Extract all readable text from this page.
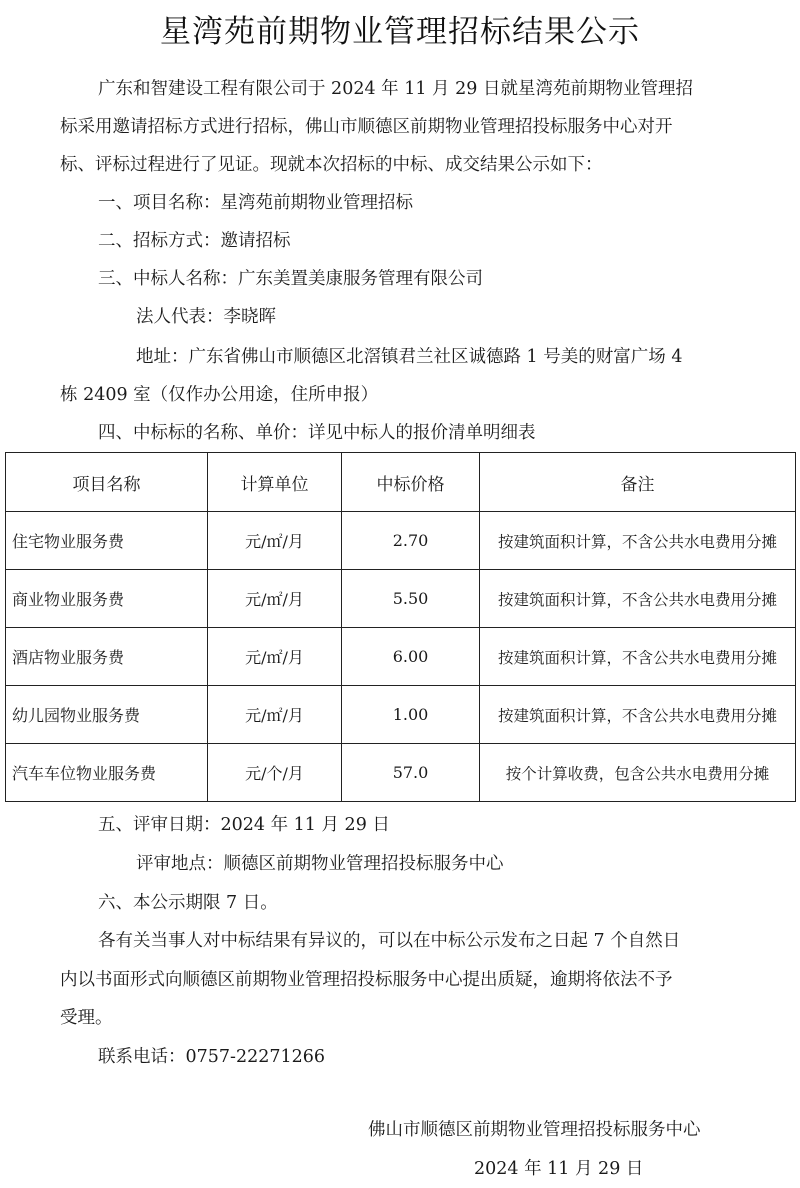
星湾苑前期物业管理招标结果公示
广东和智建设工程有限公司于 2024 年 11 月 29 日就星湾苑前期物业管理招
标采用邀请招标方式进行招标，佛山市顺德区前期物业管理招投标服务中心对开
标、评标过程进行了见证。现就本次招标的中标、成交结果公示如下：
一、项目名称：星湾苑前期物业管理招标
二、招标方式：邀请招标
三、中标人名称：广东美置美康服务管理有限公司
法人代表：李晓晖
地址：广东省佛山市顺德区北滘镇君兰社区诚德路 1 号美的财富广场 4
栋 2409 室（仅作办公用途，住所申报）
四、中标标的名称、单价：详见中标人的报价清单明细表
项目名称	计算单位	中标价格	备注
住宅物业服务费	元/㎡/月	2.70	按建筑面积计算，不含公共水电费用分摊
商业物业服务费	元/㎡/月	5.50	按建筑面积计算，不含公共水电费用分摊
酒店物业服务费	元/㎡/月	6.00	按建筑面积计算，不含公共水电费用分摊
幼儿园物业服务费	元/㎡/月	1.00	按建筑面积计算，不含公共水电费用分摊
汽车车位物业服务费	元/个/月	57.0	按个计算收费，包含公共水电费用分摊
五、评审日期：2024 年 11 月 29 日
评审地点：顺德区前期物业管理招投标服务中心
六、本公示期限 7 日。
各有关当事人对中标结果有异议的，可以在中标公示发布之日起 7 个自然日
内以书面形式向顺德区前期物业管理招投标服务中心提出质疑，逾期将依法不予
受理。
联系电话：0757-22271266
佛山市顺德区前期物业管理招投标服务中心
2024 年 11 月 29 日
